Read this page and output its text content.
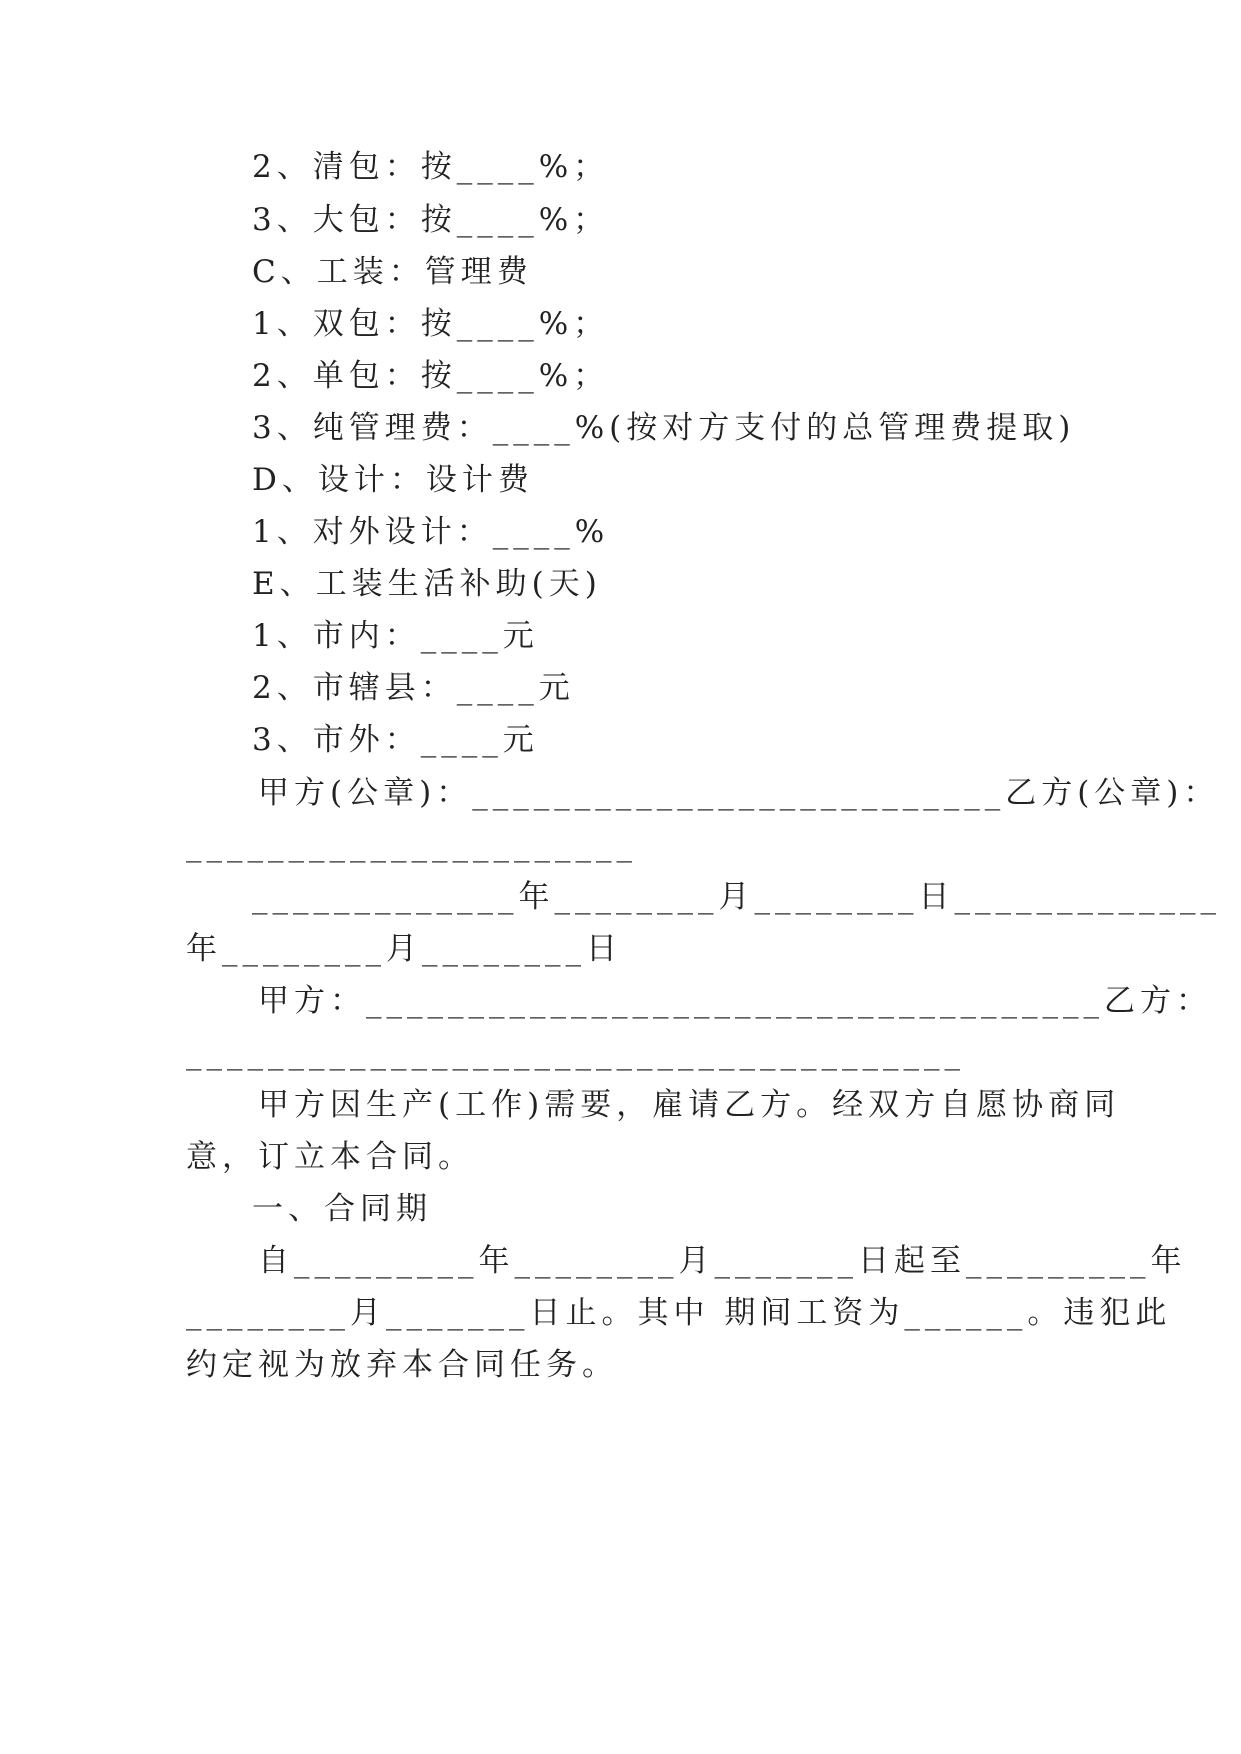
2、清包：按____%；
3、大包：按____%；
C、工装：管理费
1、双包：按____%；
2、单包：按____%；
3、纯管理费：____%(按对方支付的总管理费提取)
D、设计：设计费
1、对外设计：____%
E、工装生活补助(天)
1、市内：____元
2、市辖县：____元
3、市外：____元
甲方(公章)：__________________________乙方(公章)：
______________________
_____________年________月________日_____________
年________月________日
甲方：____________________________________乙方：
______________________________________
甲方因生产(工作)需要，雇请乙方。经双方自愿协商同
意，订立本合同。
一、合同期
自_________年________月_______日起至_________年
________月_______日止。其中 期间工资为______。违犯此
约定视为放弃本合同任务。
